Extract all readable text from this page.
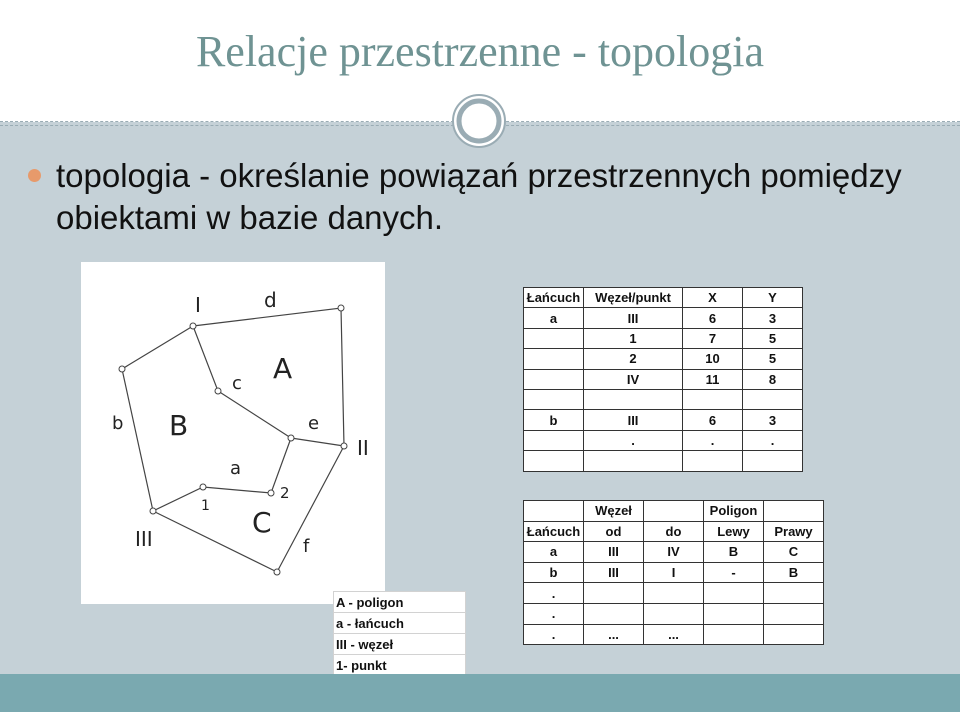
Relacje przestrzenne - topologia
topologia - określanie powiązań przestrzennych pomiędzy obiektami w bazie danych.
I	d
A
c
b B	e
II
a
2
1 C
III	f
A - poligon
a - łańcuch
III - węzeł
1- punkt
Łańcuch	Węzeł/punkt	X	Y
a	III	6	3
	1	7	5
	2	10	5
	IV	11	8

b	III	6	3
	.	.	.

	Węzeł		Poligon	
Łańcuch	od	do	Lewy	Prawy
a	III	IV	B	C
b	III	I	-	B
.				
.				
.	...	...		
